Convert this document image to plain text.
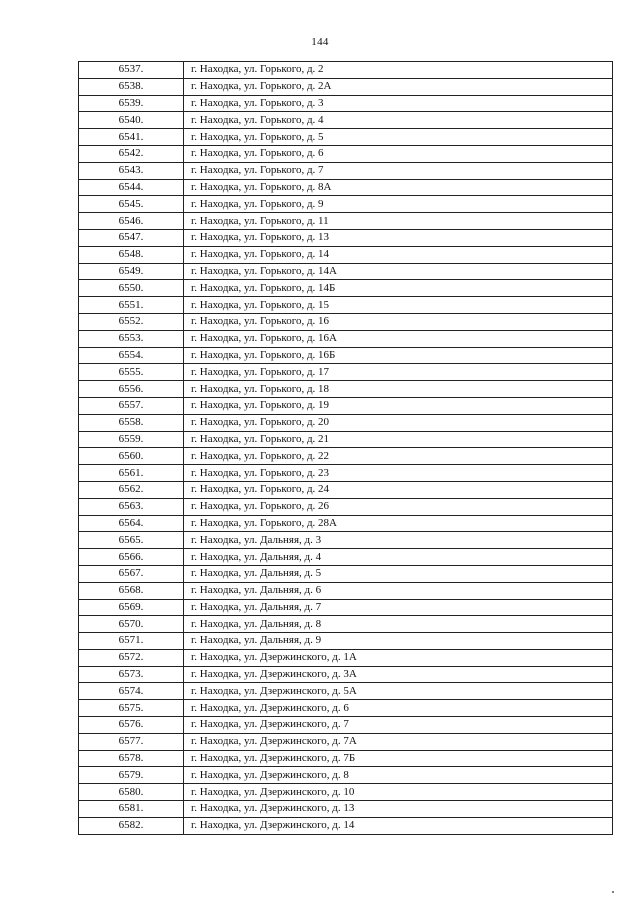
144
6537.	г. Находка, ул. Горького, д. 2
6538.	г. Находка, ул. Горького, д. 2А
6539.	г. Находка, ул. Горького, д. 3
6540.	г. Находка, ул. Горького, д. 4
6541.	г. Находка, ул. Горького, д. 5
6542.	г. Находка, ул. Горького, д. 6
6543.	г. Находка, ул. Горького, д. 7
6544.	г. Находка, ул. Горького, д. 8А
6545.	г. Находка, ул. Горького, д. 9
6546.	г. Находка, ул. Горького, д. 11
6547.	г. Находка, ул. Горького, д. 13
6548.	г. Находка, ул. Горького, д. 14
6549.	г. Находка, ул. Горького, д. 14А
6550.	г. Находка, ул. Горького, д. 14Б
6551.	г. Находка, ул. Горького, д. 15
6552.	г. Находка, ул. Горького, д. 16
6553.	г. Находка, ул. Горького, д. 16А
6554.	г. Находка, ул. Горького, д. 16Б
6555.	г. Находка, ул. Горького, д. 17
6556.	г. Находка, ул. Горького, д. 18
6557.	г. Находка, ул. Горького, д. 19
6558.	г. Находка, ул. Горького, д. 20
6559.	г. Находка, ул. Горького, д. 21
6560.	г. Находка, ул. Горького, д. 22
6561.	г. Находка, ул. Горького, д. 23
6562.	г. Находка, ул. Горького, д. 24
6563.	г. Находка, ул. Горького, д. 26
6564.	г. Находка, ул. Горького, д. 28А
6565.	г. Находка, ул. Дальняя, д. 3
6566.	г. Находка, ул. Дальняя, д. 4
6567.	г. Находка, ул. Дальняя, д. 5
6568.	г. Находка, ул. Дальняя, д. 6
6569.	г. Находка, ул. Дальняя, д. 7
6570.	г. Находка, ул. Дальняя, д. 8
6571.	г. Находка, ул. Дальняя, д. 9
6572.	г. Находка, ул. Дзержинского, д. 1А
6573.	г. Находка, ул. Дзержинского, д. 3А
6574.	г. Находка, ул. Дзержинского, д. 5А
6575.	г. Находка, ул. Дзержинского, д. 6
6576.	г. Находка, ул. Дзержинского, д. 7
6577.	г. Находка, ул. Дзержинского, д. 7А
6578.	г. Находка, ул. Дзержинского, д. 7Б
6579.	г. Находка, ул. Дзержинского, д. 8
6580.	г. Находка, ул. Дзержинского, д. 10
6581.	г. Находка, ул. Дзержинского, д. 13
6582.	г. Находка, ул. Дзержинского, д. 14
